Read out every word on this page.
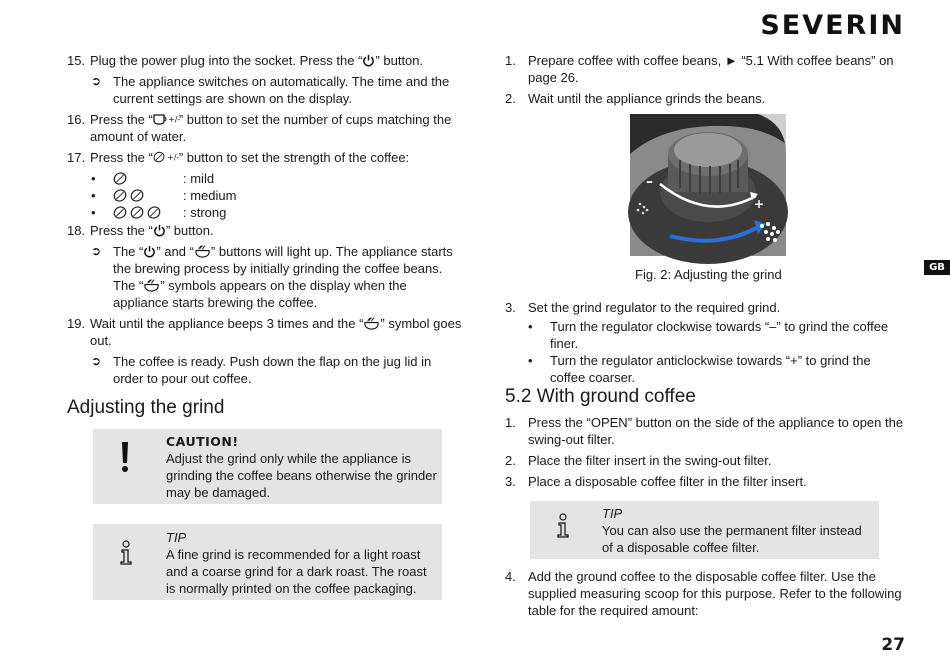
SEVERIN
15. Plug the power plug into the socket. Press the “ ” button.
➲ The appliance switches on automatically. The time and the current settings are shown on the display.
16. Press the “ +/-
” button to set the number of cups matching the amount of water.
17. Press the “ +/- ” button to set the strength of the coffee:
•	: mild
•	: medium
•	: strong
18. Press the “ ” button.
➲ The “ ” and “ ” buttons will light up. The appliance starts the brewing process by initially grinding the coffee beans. The “ ” symbols appears on the display when the appliance starts brewing the coffee.
19. Wait until the appliance beeps 3 times and the “ ” symbol goes out.
➲ The coffee is ready. Push down the flap on the jug lid in order to pour out coffee.
Adjusting the grind
CAUTION!
Adjust the grind only while the appliance is grinding the coffee beans otherwise the grinder may be damaged.
TIP
A fine grind is recommended for a light roast and a coarse grind for a dark roast. The roast is normally printed on the coffee packaging.
1. Prepare coffee with coffee beans, ► “5.1 With coffee beans” on page 26.
2. Wait until the appliance grinds the beans.
–
+
Fig. 2: Adjusting the grind
3. Set the grind regulator to the required grind.
• Turn the regulator clockwise towards “–” to grind the coffee finer.
• Turn the regulator anticlockwise towards “+” to grind the coffee coarser.
5.2 With ground coffee
1. Press the “OPEN” button on the side of the appliance to open the swing-out filter.
2. Place the filter insert in the swing-out filter.
3. Place a disposable coffee filter in the filter insert.
TIP
You can also use the permanent filter instead of a disposable coffee filter.
4. Add the ground coffee to the disposable coffee filter. Use the supplied measuring scoop for this purpose. Refer to the following table for the required amount:
GB
27
